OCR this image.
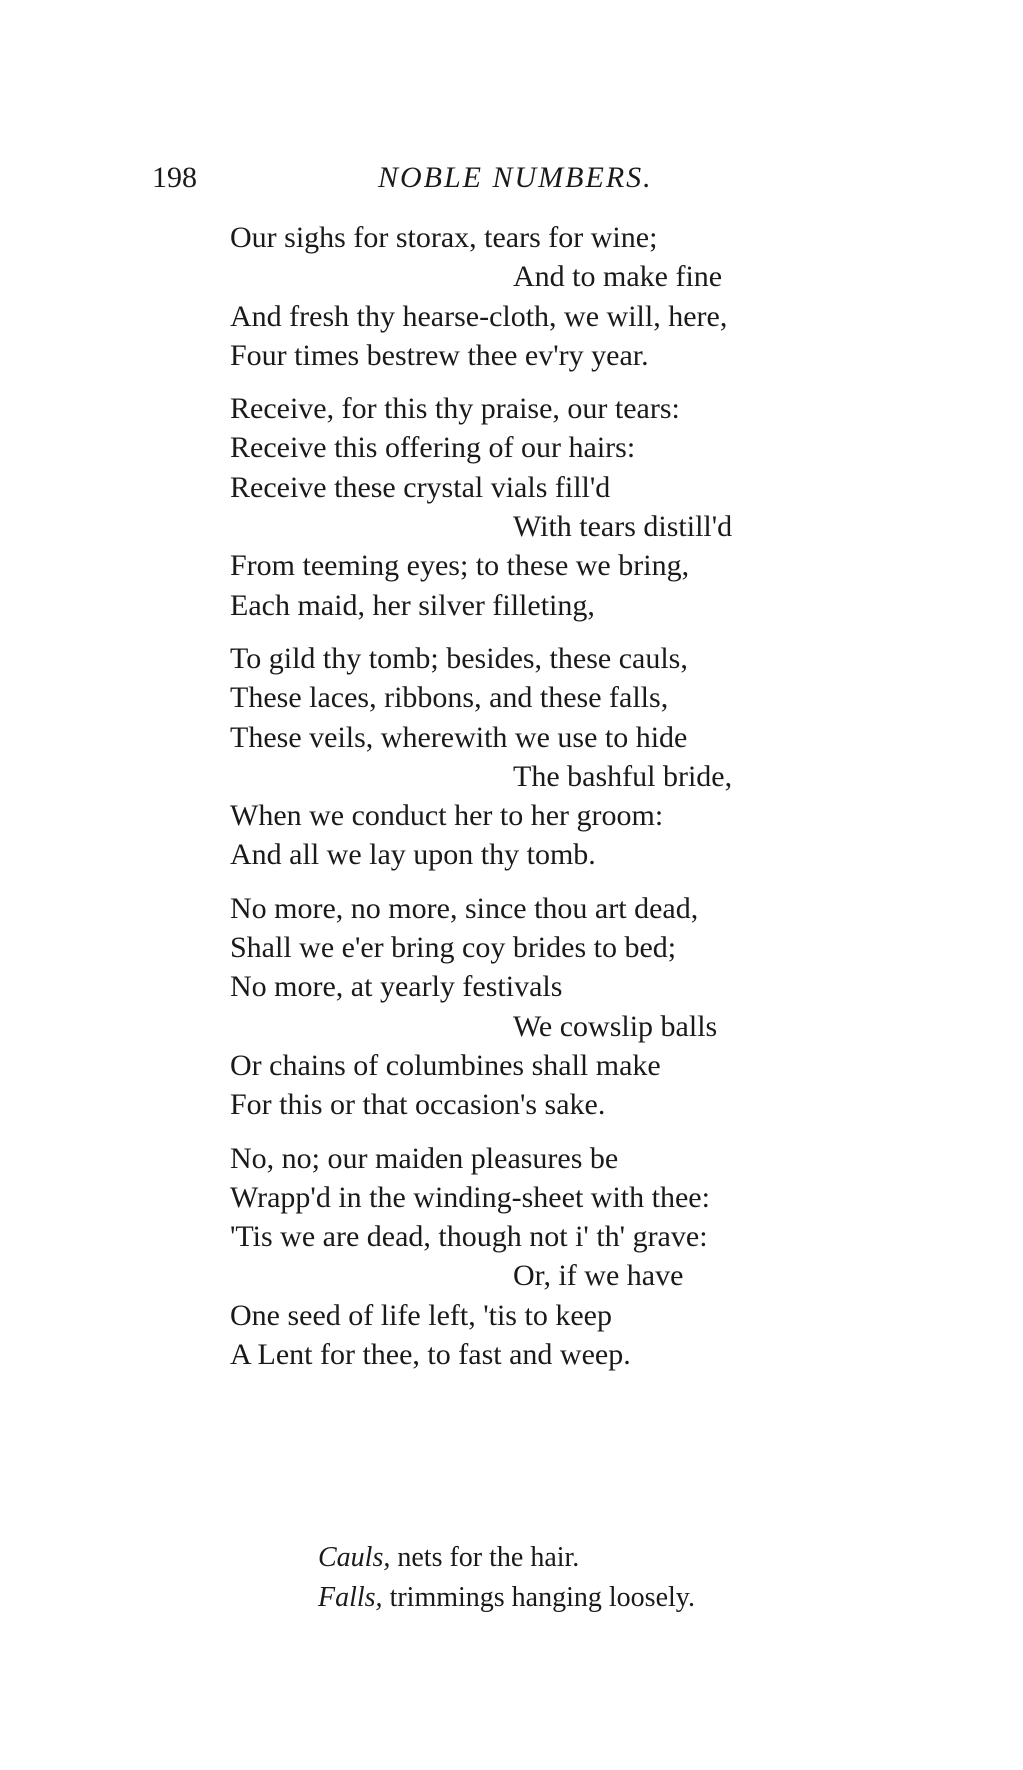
198	NOBLE NUMBERS.
Our sighs for storax, tears for wine;
And to make fine
And fresh thy hearse-cloth, we will, here,
Four times bestrew thee ev'ry year.
Receive, for this thy praise, our tears:
Receive this offering of our hairs:
Receive these crystal vials fill'd
With tears distill'd
From teeming eyes; to these we bring,
Each maid, her silver filleting,
To gild thy tomb; besides, these cauls,
These laces, ribbons, and these falls,
These veils, wherewith we use to hide
The bashful bride,
When we conduct her to her groom:
And all we lay upon thy tomb.
No more, no more, since thou art dead,
Shall we e'er bring coy brides to bed;
No more, at yearly festivals
We cowslip balls
Or chains of columbines shall make
For this or that occasion's sake.
No, no; our maiden pleasures be
Wrapp'd in the winding-sheet with thee:
'Tis we are dead, though not i' th' grave:
Or, if we have
One seed of life left, 'tis to keep
A Lent for thee, to fast and weep.
Cauls, nets for the hair.
Falls, trimmings hanging loosely.
